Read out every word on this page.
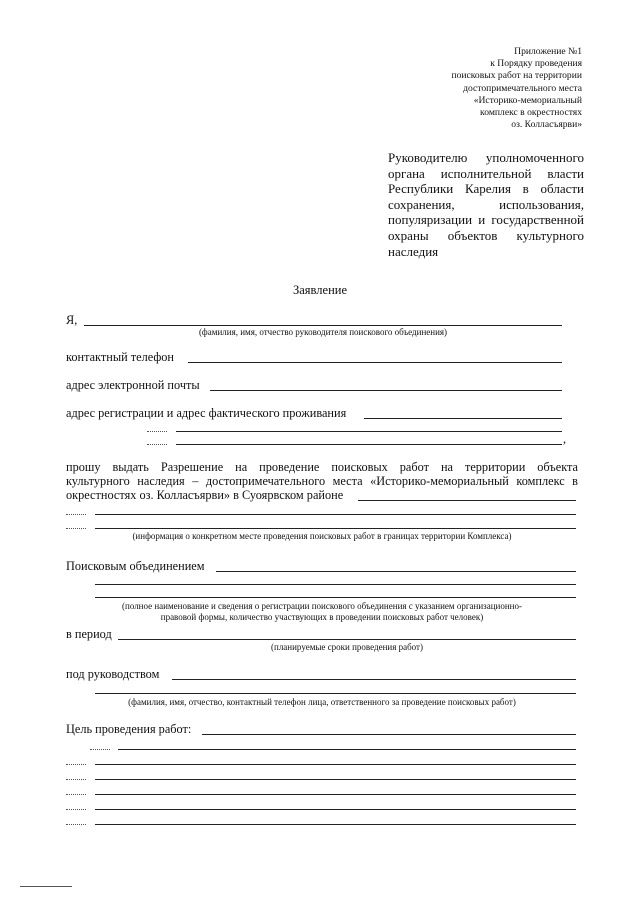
Приложение №1
к Порядку проведения
поисковых работ на территории
достопримечательного места
«Историко-мемориальный
комплекс в окрестностях
оз. Колласъярви»
Руководителю уполномоченного
органа исполнительной власти
Республики Карелия в области
сохранения, использования,
популяризации и государственной
охраны объектов культурного
наследия
Заявление
Я,
(фамилия, имя, отчество руководителя поискового объединения)
контактный телефон
адрес электронной почты
адрес регистрации и адрес фактического проживания
,
прошу выдать Разрешение на проведение поисковых работ на территории объекта
культурного наследия – достопримечательного места «Историко-мемориальный комплекс в
окрестностях оз. Колласъярви» в Суоярвском районе
(информация о конкретном месте проведения поисковых работ в границах территории Комплекса)
Поисковым объединением
(полное наименование и сведения о регистрации поискового объединения с указанием организационно-
правовой формы, количество участвующих в проведении поисковых работ человек)
в период
(планируемые сроки проведения работ)
под руководством
(фамилия, имя, отчество, контактный телефон лица, ответственного за проведение поисковых работ)
Цель проведения работ:
